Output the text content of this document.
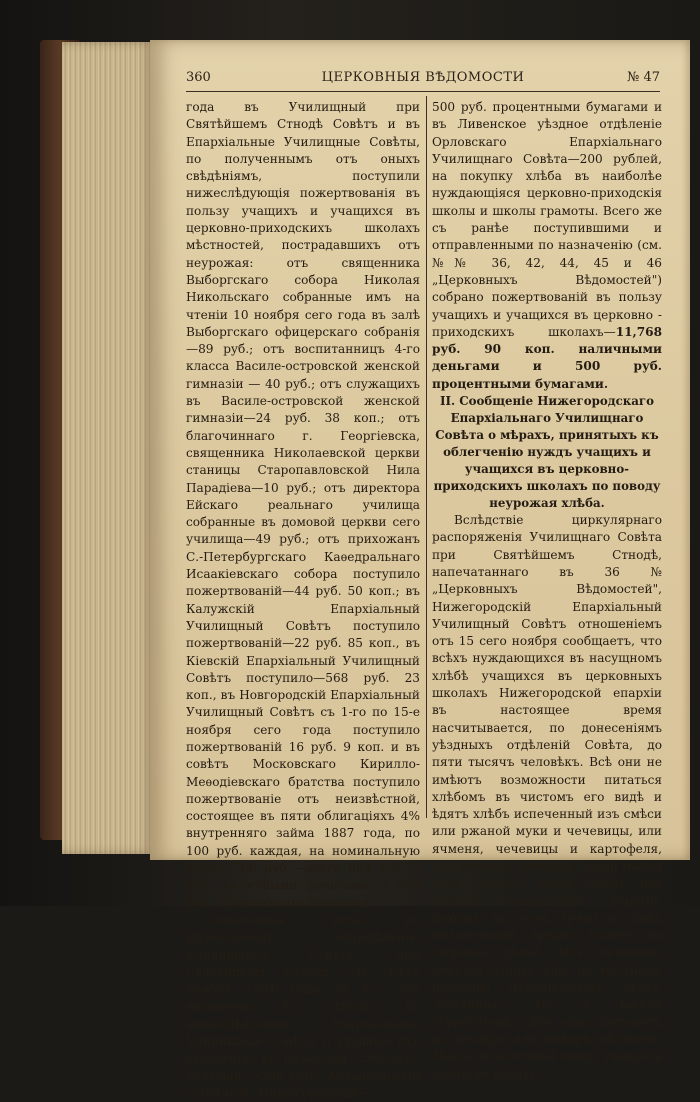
360	ЦЕРКОВНЫЯ ВѢДОМОСТИ	№ 47

года въ Училищный при Святѣйшемъ Стнодѣ Совѣтъ и въ Епархіальные Училищные Совѣты, по полученнымъ отъ оныхъ свѣдѣніямъ, поступили нижеслѣдующія пожертвованія въ пользу учащихъ и учащихся въ церковно-приходскихъ школахъ мѣстностей, пострадавшихъ отъ неурожая: отъ священника Выборгскаго собора Николая Никольскаго собранные имъ на чтеніи 10 ноября сего года въ залѣ Выборгскаго офицерскаго собранія—89 руб.; отъ воспитанницъ 4-го класса Василе-островской женской гимназіи — 40 руб.; отъ служащихъ въ Василе-островской женской гимназіи—24 руб. 38 коп.; отъ благочиннаго г. Георгіевска, священника Николаевской церкви станицы Старопавловской Нила Парадіева—10 руб.; отъ директора Ейскаго реальнаго училища собранные въ домовой церкви сего училища—49 руб.; отъ прихожанъ С.-Петербургскаго Каѳедральнаго Исаакіевскаго собора поступило пожертвованій—44 руб. 50 коп.; въ Калужскій Епархіальный Училищный Совѣтъ поступило пожертвованій—22 руб. 85 коп., въ Кіевскій Епархіальный Училищный Совѣтъ поступило—568 руб. 23 коп., въ Новгородскій Епархіальный Училищный Совѣтъ съ 1-го по 15-е ноября сего года поступило пожертвованій 16 руб. 9 коп. и въ совѣтъ Московскаго Кирилло-Меѳодіевскаго братства поступило пожертвованіе отъ неизвѣстной, состоящее въ пяти облигаціяхъ 4% внутренняго займа 1887 года, по 100 руб. каждая, на номинальную сумму 500 руб.,—всего 864 руб. 5 коп. наличными деньгами и 500 руб. процентными бумагами.

Означенная сумма по журнальному опредѣленію Училищнаго Совѣта при Святѣйшемъ Стнодѣ отъ 19-го ноября 1891 года за № 206 назначена къ отпуску въ нижеслѣдующіе Епархіальные Училищные Совѣты и уѣздныя ихъ отдѣленія: въ Рязанскій—200 руб., Тульскій —200 руб., Архангельскій—264 руб., Нижегородскій—

500 руб. процентными бумагами и въ Ливенское уѣздное отдѣленіе Орловскаго Епархіальнаго Училищнаго Совѣта—200 рублей, на покупку хлѣба въ наиболѣе нуждающіяся церковно-приходскія школы и школы грамоты. Всего же съ ранѣе поступившими и отправленными по назначенію (см. №№ 36, 42, 44, 45 и 46 „Церковныхъ Вѣдомостей") собрано пожертвованій въ пользу учащихъ и учащихся въ церковно - приходскихъ школахъ—11,768 руб. 90 коп. наличными деньгами и 500 руб. процентными бумагами.

II. Сообщеніе Нижегородскаго Епархіальнаго Училищнаго Совѣта о мѣрахъ, принятыхъ къ облегченію нуждъ учащихъ и учащихся въ церковно-приходскихъ школахъ по поводу неурожая хлѣба.

Вслѣдствіе циркулярнаго распоряженія Училищнаго Совѣта при Святѣйшемъ Стнодѣ, напечатаннаго въ 36 № „Церковныхъ Вѣдомостей", Нижегородскій Епархіальный Училищный Совѣтъ отношеніемъ отъ 15 сего ноября сообщаетъ, что всѣхъ нуждающихся въ насущномъ хлѣбѣ учащихся въ церковныхъ школахъ Нижегородской епархіи въ настоящее время насчитывается, по донесеніямъ уѣздныхъ отдѣленій Совѣта, до пяти тысячъ человѣкъ. Всѣ они не имѣютъ возможности питаться хлѣбомъ въ чистомъ его видѣ и ѣдятъ хлѣбъ испеченный изъ смѣси или ржаной муки и чечевицы, или ячменя, чечевицы и картофеля, или ячменя, лебеды и самой малой доли ржаной муки. Хлѣбъ изъ лебеды совершенно черный, похожъ на комъ грязи и, какъ питательный, вредно вліяетъ на здоровье дѣтей. Изъ чечевицы пекутся блины, или, по мѣстному названію Лукояновскаго уѣзда, „ботаница". Но я такихъ суррогатовъ хлѣба едва достанетъ до декабря или января мѣсяцевъ. Масла и молочной пищи учащіеся почти не видятъ.
